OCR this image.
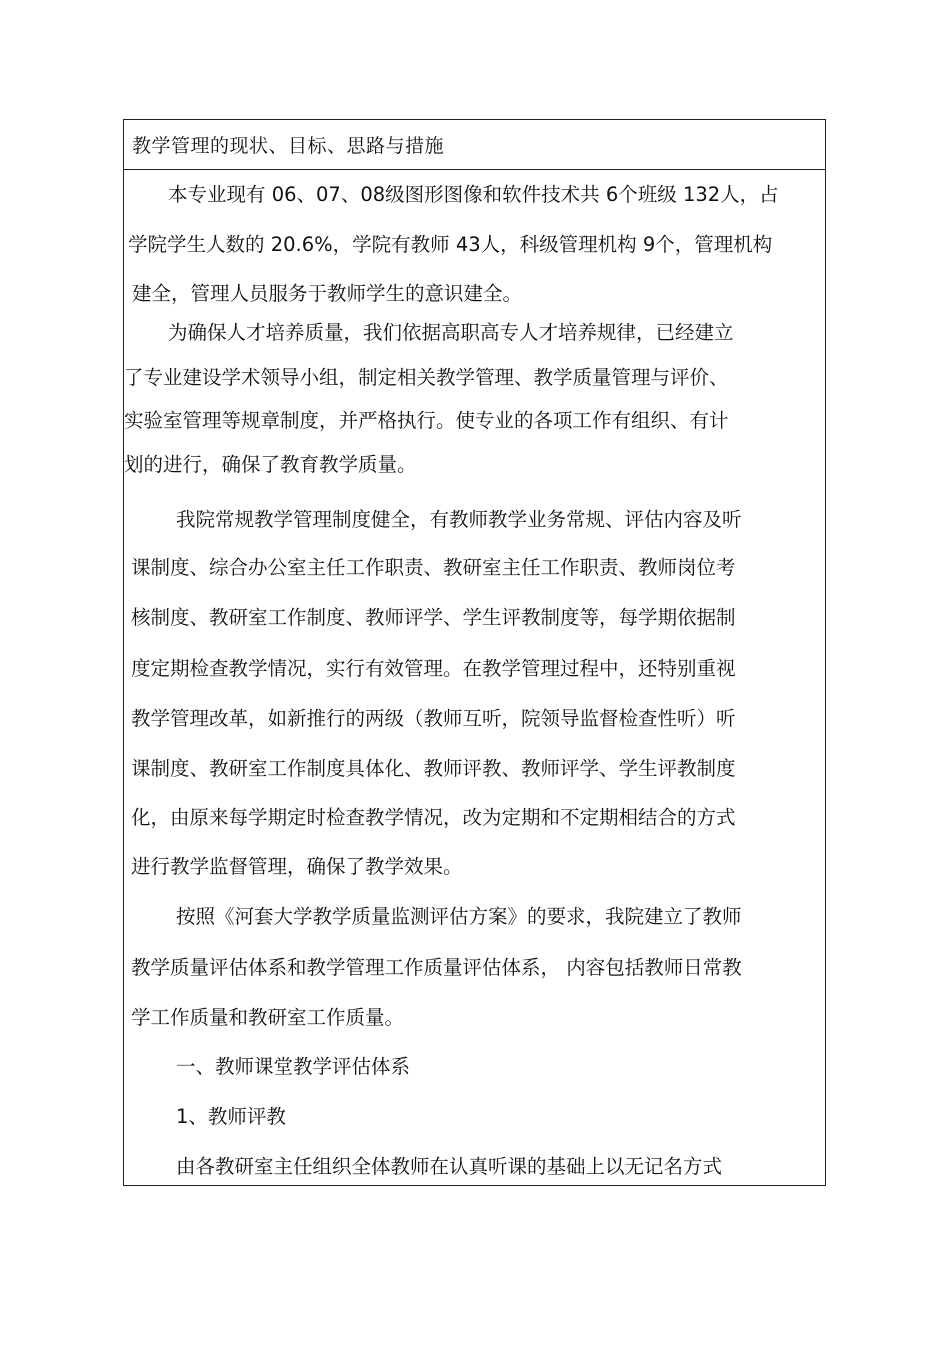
教学管理的现状、目标、思路与措施
本专业现有 06、07、08级图形图像和软件技术共 6个班级 132人，占
学院学生人数的 20.6%，学院有教师 43人，科级管理机构 9个，管理机构
建全，管理人员服务于教师学生的意识建全。
为确保人才培养质量，我们依据高职高专人才培养规律，已经建立
了专业建设学术领导小组，制定相关教学管理、教学质量管理与评价、
实验室管理等规章制度，并严格执行。使专业的各项工作有组织、有计
划的进行，确保了教育教学质量。
我院常规教学管理制度健全，有教师教学业务常规、评估内容及听
课制度、综合办公室主任工作职责、教研室主任工作职责、教师岗位考
核制度、教研室工作制度、教师评学、学生评教制度等，每学期依据制
度定期检查教学情况，实行有效管理。在教学管理过程中，还特别重视
教学管理改革，如新推行的两级（教师互听，院领导监督检查性听）听
课制度、教研室工作制度具体化、教师评教、教师评学、学生评教制度
化，由原来每学期定时检查教学情况，改为定期和不定期相结合的方式
进行教学监督管理，确保了教学效果。
按照《河套大学教学质量监测评估方案》的要求，我院建立了教师
教学质量评估体系和教学管理工作质量评估体系， 内容包括教师日常教
学工作质量和教研室工作质量。
一、教师课堂教学评估体系
1、教师评教
由各教研室主任组织全体教师在认真听课的基础上以无记名方式
